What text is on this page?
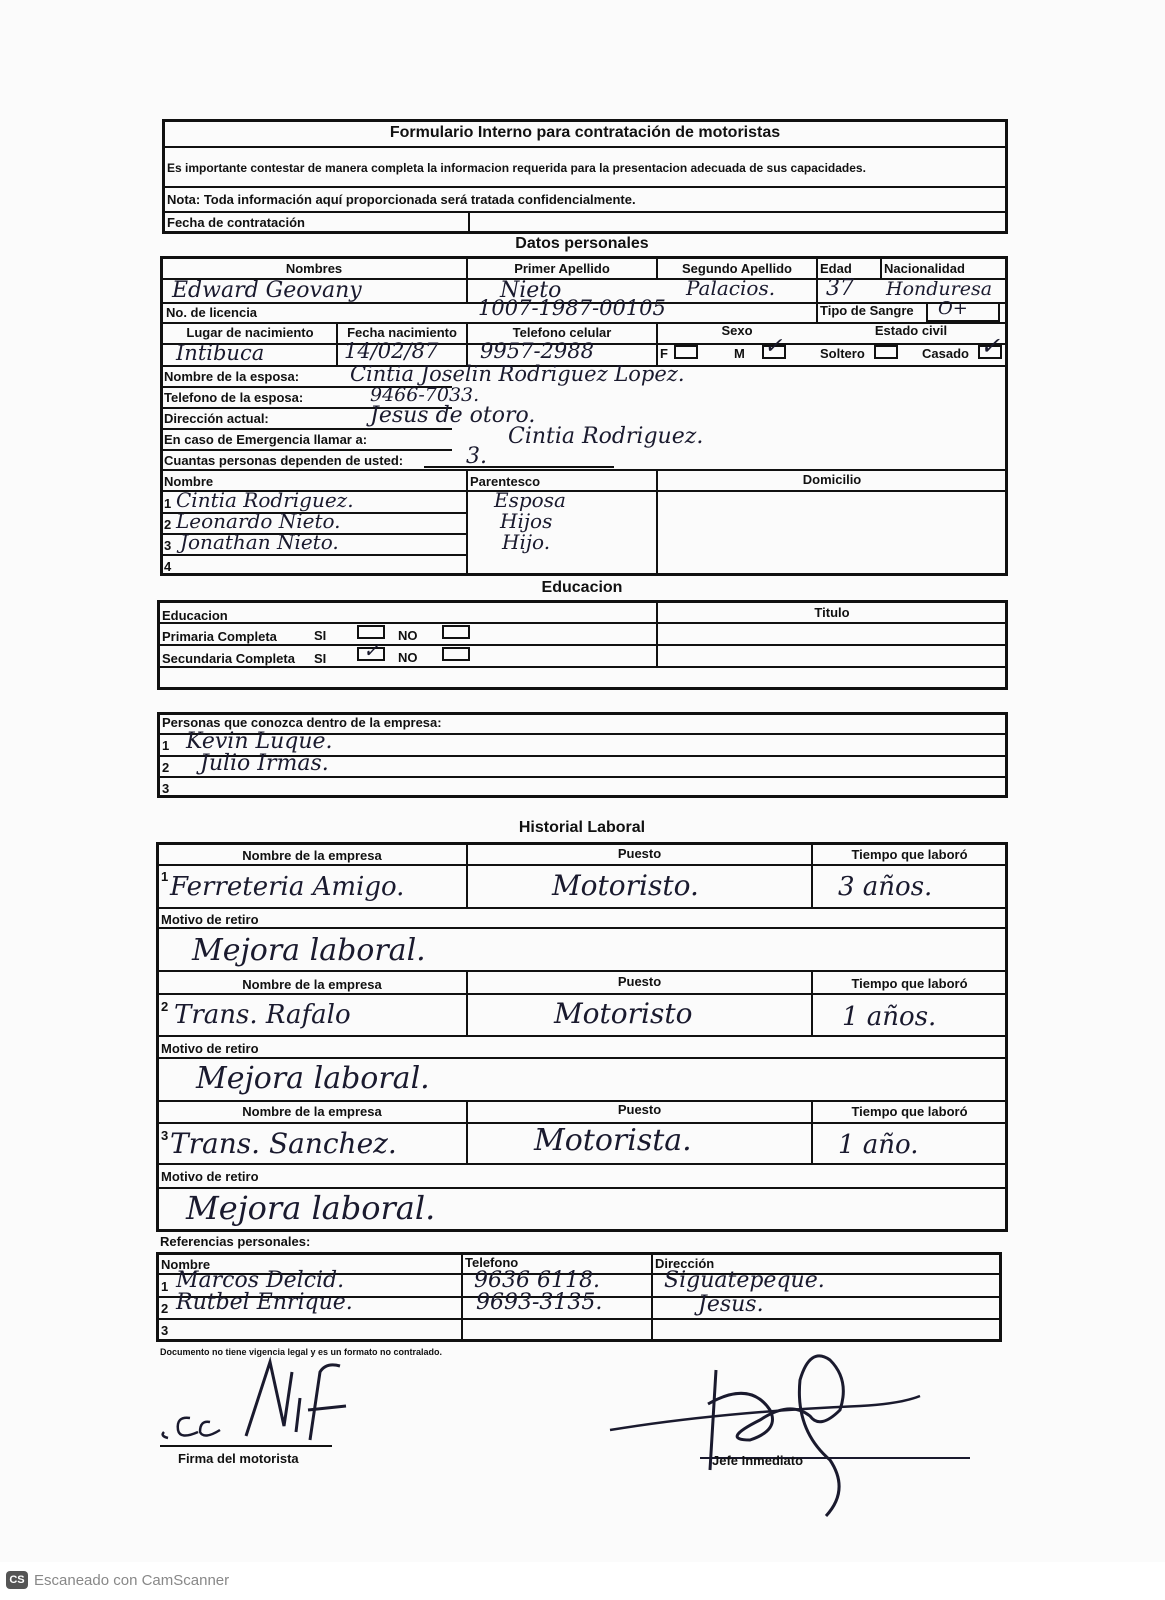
Formulario Interno para contratación de motoristas
Es importante contestar de manera completa la informacion requerida para la presentacion adecuada de sus capacidades.
Nota: Toda información aquí proporcionada será tratada confidencialmente.
Fecha de contratación
Datos personales
Nombres	Primer Apellido	Segundo Apellido	Edad Nacionalidad
Edward Geovany	Nieto	Palacios. 37 Honduresa
No. de licencia	1007-1987-00105	Tipo de Sangre O+
Lugar de nacimiento	Fecha nacimiento	Telefono celular	Sexo	Estado civil
Intibuca	14/02/87 9957-2988	F	M ✓	Soltero	Casado ✓
Nombre de la esposa: Cintia Joselin Rodriguez Lopez.
Telefono de la esposa:	9466-7033.
Dirección actual:	Jesus de otoro.
En caso de Emergencia llamar a:	Cintia Rodriguez.
Cuantas personas dependen de usted:	3.
Nombre	Parentesco	Domicilio
1 Cintia Rodriguez.	Esposa
2 Leonardo Nieto.	Hijos
3 Jonathan Nieto.	Hijo.
4
Educacion
Educacion	Titulo
Primaria Completa	SI	NO
Secundaria Completa SI ✓ NO
Personas que conozca dentro de la empresa:
1 Kevin Luque.
2 Julio Irmas.
3
Historial Laboral
Nombre de la empresa	Puesto	Tiempo que laboró
1 Ferreteria Amigo.	Motoristo.	3 años.
Motivo de retiro
Mejora laboral.
Nombre de la empresa	Puesto	Tiempo que laboró
2 Trans. Rafalo	Motoristo	1 años.
Motivo de retiro
Mejora laboral.
Nombre de la empresa	Puesto	Tiempo que laboró
3 Trans. Sanchez.	Motorista.	1 año.
Motivo de retiro
Mejora laboral.
Referencias personales:
Nombre	Telefono	Dirección
1 Marcos Delcid.	9636 6118.	Siguatepeque.
2 Rutbel Enrique.	9693-3135.	Jesus.
3
Documento no tiene vigencia legal y es un formato no contralado.
Firma del motorista	Jefe Inmediato
CS Escaneado con CamScanner
